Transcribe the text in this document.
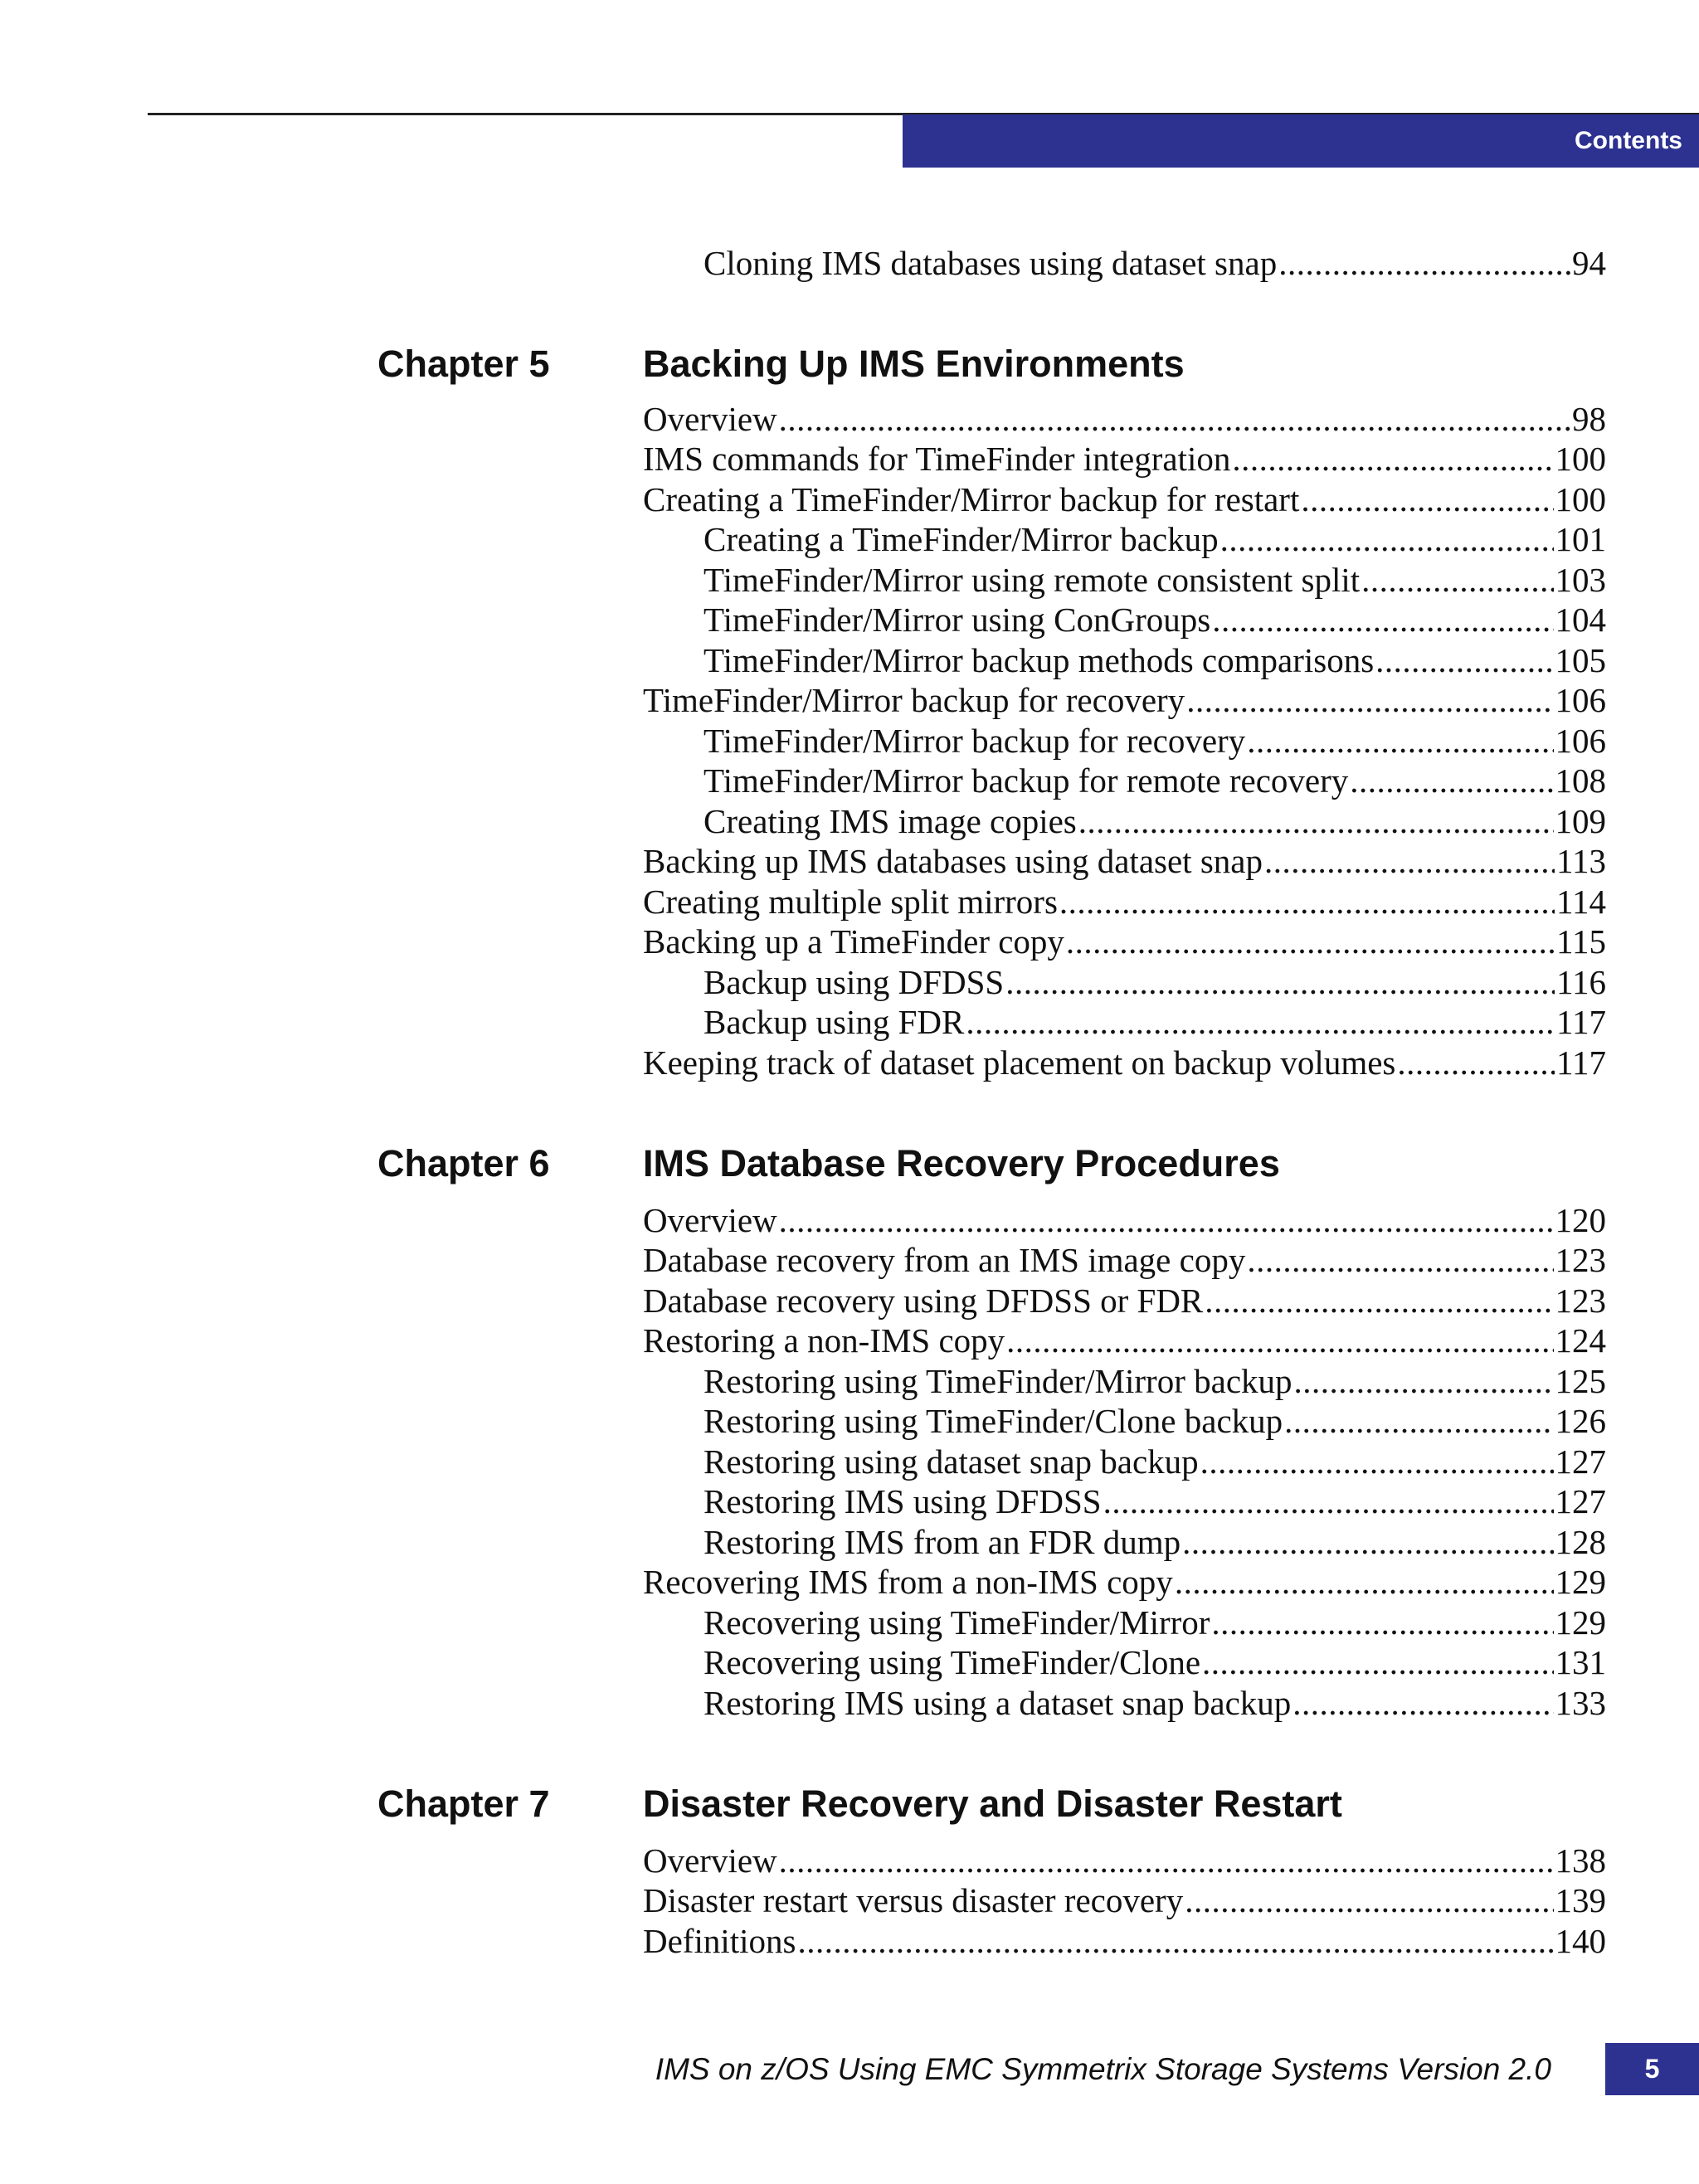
Contents
Cloning IMS databases using dataset snap .....	94
Chapter 5 Backing Up IMS Environments
Overview .....	98
IMS commands for TimeFinder integration .....	100
Creating a TimeFinder/Mirror backup for restart .....	100
Creating a TimeFinder/Mirror backup .....	101
TimeFinder/Mirror using remote consistent split .....	103
TimeFinder/Mirror using ConGroups .....	104
TimeFinder/Mirror backup methods comparisons .....	105
TimeFinder/Mirror backup for recovery .....	106
TimeFinder/Mirror backup for recovery .....	106
TimeFinder/Mirror backup for remote recovery .....	108
Creating IMS image copies .....	109
Backing up IMS databases using dataset snap .....	113
Creating multiple split mirrors .....	114
Backing up a TimeFinder copy .....	115
Backup using DFDSS .....	116
Backup using FDR .....	117
Keeping track of dataset placement on backup volumes .....	117
Chapter 6 IMS Database Recovery Procedures
Overview .....	120
Database recovery from an IMS image copy .....	123
Database recovery using DFDSS or FDR .....	123
Restoring a non-IMS copy .....	124
Restoring using TimeFinder/Mirror backup .....	125
Restoring using TimeFinder/Clone backup .....	126
Restoring using dataset snap backup .....	127
Restoring IMS using DFDSS .....	127
Restoring IMS from an FDR dump .....	128
Recovering IMS from a non-IMS copy .....	129
Recovering using TimeFinder/Mirror .....	129
Recovering using TimeFinder/Clone .....	131
Restoring IMS using a dataset snap backup .....	133
Chapter 7 Disaster Recovery and Disaster Restart
Overview .....	138
Disaster restart versus disaster recovery .....	139
Definitions .....	140
IMS on z/OS Using EMC Symmetrix Storage Systems Version 2.0	5
